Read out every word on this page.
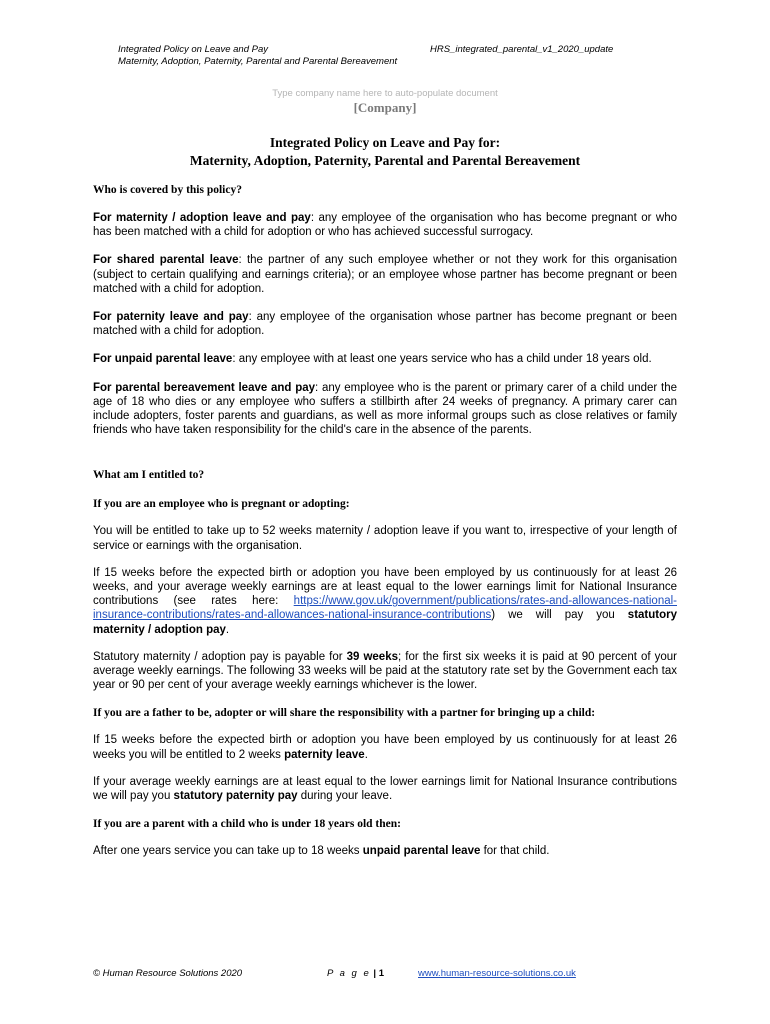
Integrated Policy on Leave and Pay
Maternity, Adoption, Paternity, Parental and Parental Bereavement
HRS_integrated_parental_v1_2020_update
Type company name here to auto-populate document
[Company]
Integrated Policy on Leave and Pay for:
Maternity, Adoption, Paternity, Parental and Parental Bereavement
Who is covered by this policy?

For maternity / adoption leave and pay: any employee of the organisation who has become pregnant or who has been matched with a child for adoption or who has achieved successful surrogacy.

For shared parental leave: the partner of any such employee whether or not they work for this organisation (subject to certain qualifying and earnings criteria); or an employee whose partner has become pregnant or been matched with a child for adoption.

For paternity leave and pay: any employee of the organisation whose partner has become pregnant or been matched with a child for adoption.

For unpaid parental leave: any employee with at least one years service who has a child under 18 years old.

For parental bereavement leave and pay: any employee who is the parent or primary carer of a child under the age of 18 who dies or any employee who suffers a stillbirth after 24 weeks of pregnancy. A primary carer can include adopters, foster parents and guardians, as well as more informal groups such as close relatives or family friends who have taken responsibility for the child's care in the absence of the parents.

What am I entitled to?
If you are an employee who is pregnant or adopting:

You will be entitled to take up to 52 weeks maternity / adoption leave if you want to, irrespective of your length of service or earnings with the organisation.

If 15 weeks before the expected birth or adoption you have been employed by us continuously for at least 26 weeks, and your average weekly earnings are at least equal to the lower earnings limit for National Insurance contributions (see rates here: https://www.gov.uk/government/publications/rates-and-allowances-national-insurance-contributions/rates-and-allowances-national-insurance-contributions) we will pay you statutory maternity / adoption pay.

Statutory maternity / adoption pay is payable for 39 weeks; for the first six weeks it is paid at 90 percent of your average weekly earnings. The following 33 weeks will be paid at the statutory rate set by the Government each tax year or 90 per cent of your average weekly earnings whichever is the lower.

If you are a father to be, adopter or will share the responsibility with a partner for bringing up a child:

If 15 weeks before the expected birth or adoption you have been employed by us continuously for at least 26 weeks you will be entitled to 2 weeks paternity leave.

If your average weekly earnings are at least equal to the lower earnings limit for National Insurance contributions we will pay you statutory paternity pay during your leave.

If you are a parent with a child who is under 18 years old then:

After one years service you can take up to 18 weeks unpaid parental leave for that child.

© Human Resource Solutions 2020	P a g e | 1	www.human-resource-solutions.co.uk
